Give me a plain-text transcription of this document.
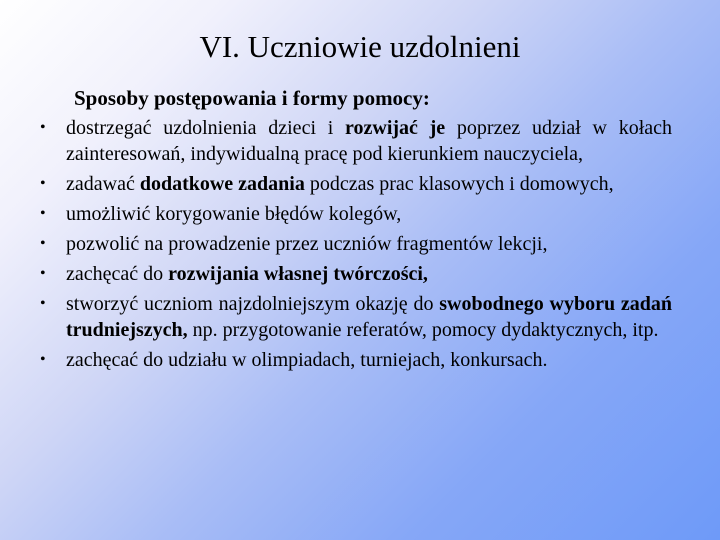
VI. Uczniowie uzdolnieni

Sposoby postępowania i formy pomocy:

• dostrzegać uzdolnienia dzieci i rozwijać je poprzez udział w kołach zainteresowań, indywidualną pracę pod kierunkiem nauczyciela,
• zadawać dodatkowe zadania podczas prac klasowych i domowych,
• umożliwić korygowanie błędów kolegów,
• pozwolić na prowadzenie przez uczniów fragmentów lekcji,
• zachęcać do rozwijania własnej twórczości,
• stworzyć uczniom najzdolniejszym okazję do swobodnego wyboru zadań trudniejszych, np. przygotowanie referatów, pomocy dydaktycznych, itp.
• zachęcać do udziału w olimpiadach, turniejach, konkursach.
